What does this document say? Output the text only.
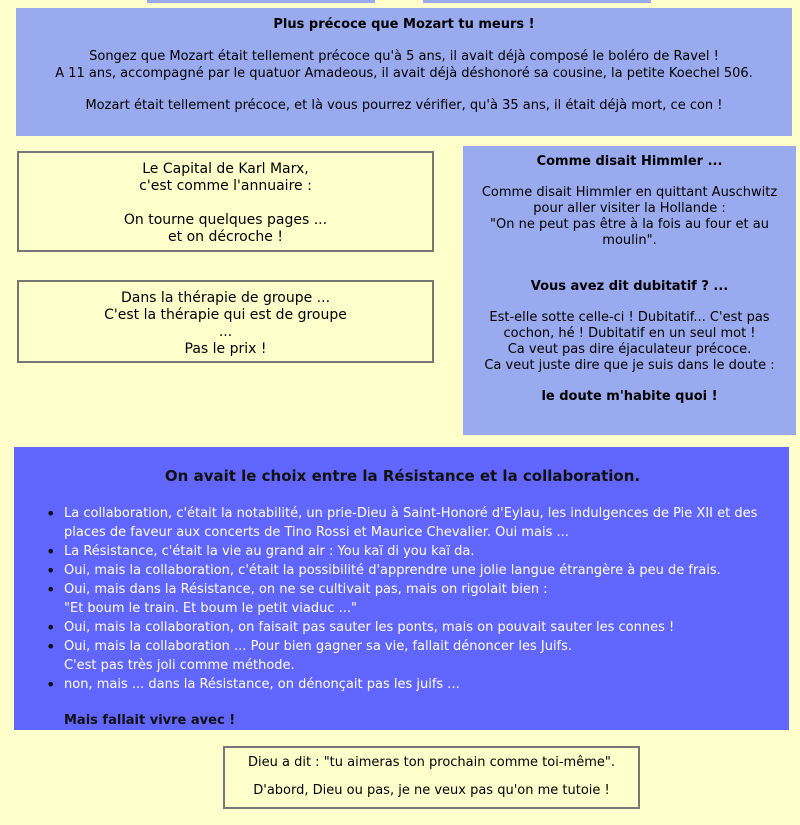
Plus précoce que Mozart tu meurs !

Songez que Mozart était tellement précoce qu'à 5 ans, il avait déjà composé le boléro de Ravel !

A 11 ans, accompagné par le quatuor Amadeous, il avait déjà déshonoré sa cousine, la petite Koechel 506.

Mozart était tellement précoce, et là vous pourrez vérifier, qu'à 35 ans, il était déjà mort, ce con !

Le Capital de Karl Marx,

c'est comme l'annuaire :

On tourne quelques pages ...

et on décroche !

Dans la thérapie de groupe ...

C'est la thérapie qui est de groupe

...

Pas le prix !

Comme disait Himmler ...

Comme disait Himmler en quittant Auschwitz

pour aller visiter la Hollande :

"On ne peut pas être à la fois au four et au

moulin".

Vous avez dit dubitatif ? ...

Est-elle sotte celle-ci ! Dubitatif... C'est pas

cochon, hé ! Dubitatif en un seul mot !

Ca veut pas dire éjaculateur précoce.

Ca veut juste dire que je suis dans le doute :

le doute m'habite quoi !

On avait le choix entre la Résistance et la collaboration.

• La collaboration, c'était la notabilité, un prie-Dieu à Saint-Honoré d'Eylau, les indulgences de Pie XII et des
places de faveur aux concerts de Tino Rossi et Maurice Chevalier. Oui mais ...
• La Résistance, c'était la vie au grand air : You kaï di you kaï da.
• Oui, mais la collaboration, c'était la possibilité d'apprendre une jolie langue étrangère à peu de frais.
• Oui, mais dans la Résistance, on ne se cultivait pas, mais on rigolait bien :
"Et boum le train. Et boum le petit viaduc ..."
• Oui, mais la collaboration, on faisait pas sauter les ponts, mais on pouvait sauter les connes !
• Oui, mais la collaboration ... Pour bien gagner sa vie, fallait dénoncer les Juifs.
C'est pas très joli comme méthode.
• non, mais ... dans la Résistance, on dénonçait pas les juifs ...

Mais fallait vivre avec !

Dieu a dit : "tu aimeras ton prochain comme toi-même".

D'abord, Dieu ou pas, je ne veux pas qu'on me tutoie !
